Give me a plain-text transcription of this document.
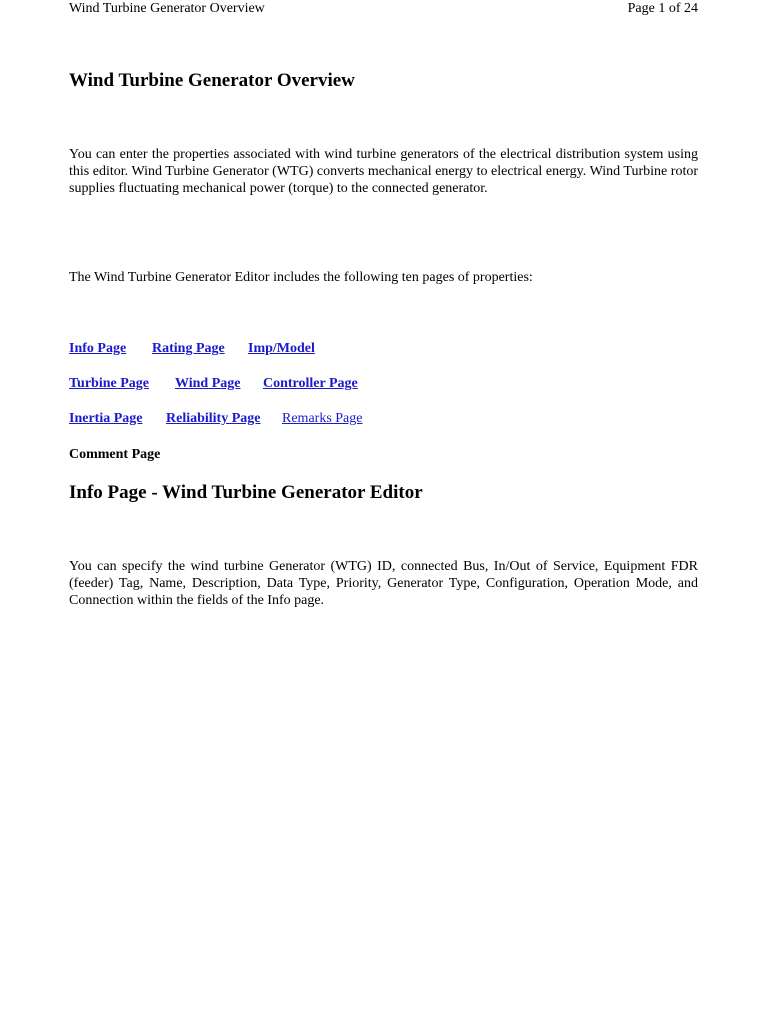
Wind Turbine Generator Overview	Page 1 of 24
Wind Turbine Generator Overview

You can enter the properties associated with wind turbine generators of the electrical distribution system using this editor. Wind Turbine Generator (WTG) converts mechanical energy to electrical energy. Wind Turbine rotor supplies fluctuating mechanical power (torque) to the connected generator.

The Wind Turbine Generator Editor includes the following ten pages of properties:

Info Page Rating Page Imp/Model
Turbine Page Wind Page Controller Page
Inertia Page Reliability Page Remarks Page
Comment Page
Info Page - Wind Turbine Generator Editor

You can specify the wind turbine Generator (WTG) ID, connected Bus, In/Out of Service, Equipment FDR (feeder) Tag, Name, Description, Data Type, Priority, Generator Type, Configuration, Operation Mode, and Connection within the fields of the Info page.
